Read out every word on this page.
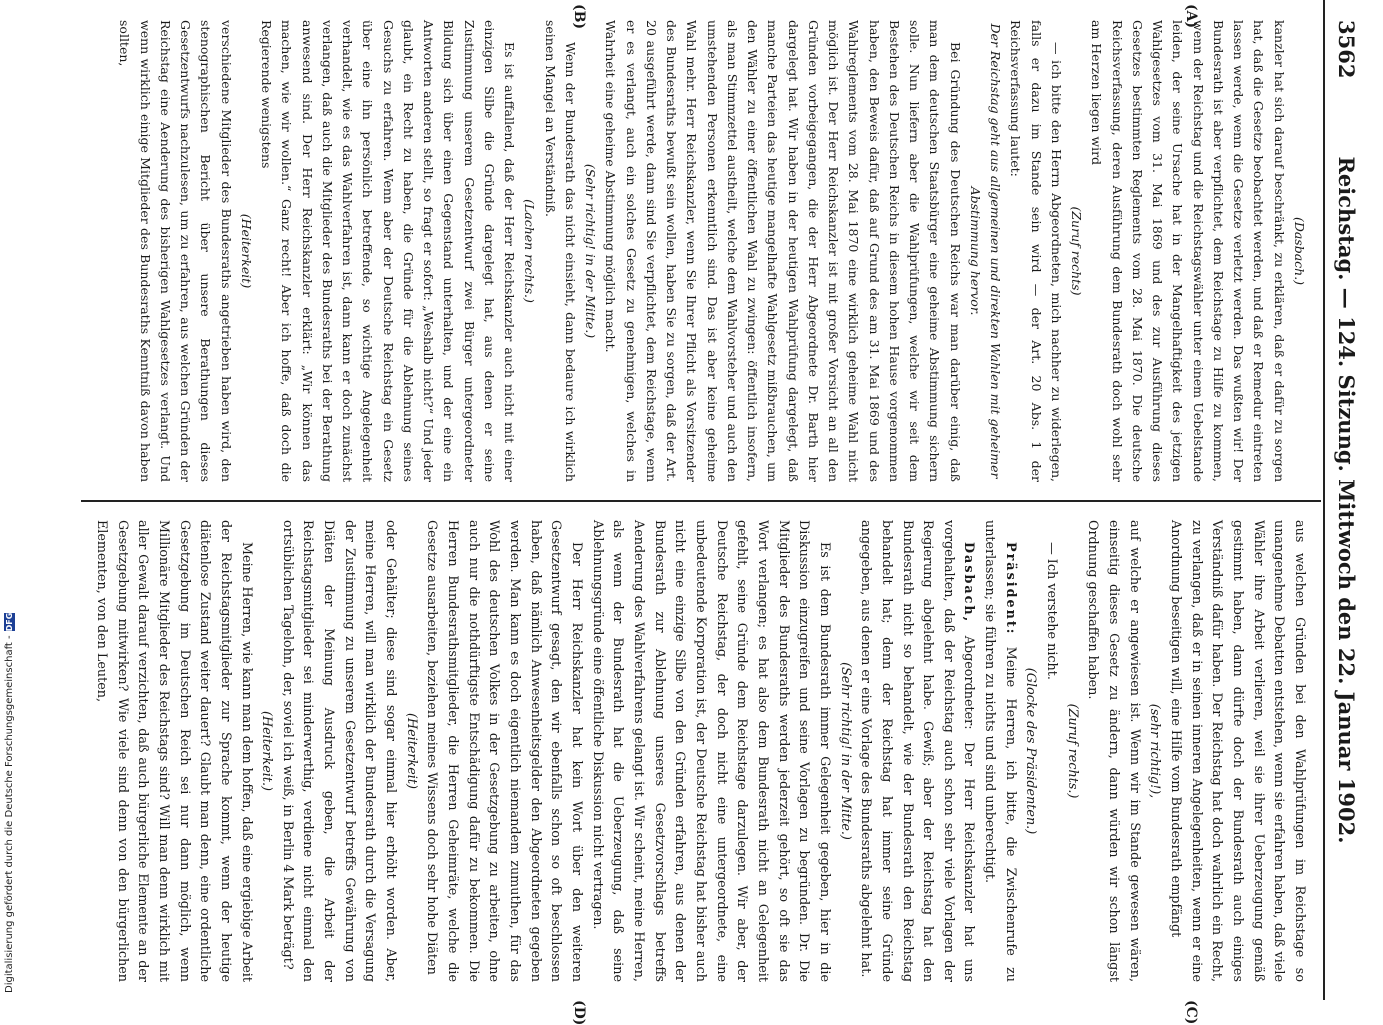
3562
Reichstag. — 124. Sitzung. Mittwoch den 22. Januar 1902.
(A)
(B)

(Dasbach.)

kanzler hat sich darauf beschränkt, zu erklären, daß er dafür zu sorgen hat, daß die Gesetze beobachtet werden, und daß er Remedur eintreten lassen werde, wenn die Gesetze verletzt werden. Das wußten wir! Der Bundesrath ist aber verpflichtet, dem Reichstage zu Hilfe zu kommen, wenn der Reichstag und die Reichstagswähler unter einem Uebelstande leiden, der seine Ursache hat in der Mangelhaftigkeit des jetzigen Wahlgesetzes vom 31. Mai 1869 und des zur Ausführung dieses Gesetzes bestimmten Reglements vom 28. Mai 1870. Die deutsche Reichsverfassung, deren Ausführung dem Bundesrath doch wohl sehr am Herzen liegen wird

(Zuruf rechts)

— ich bitte den Herrn Abgeordneten, mich nachher zu widerlegen, falls er dazu im Stande sein wird — der Art. 20 Abs. 1 der Reichsverfassung lautet:

Der Reichstag geht aus allgemeinen und direkten Wahlen mit geheimer Abstimmung hervor.

Bei Gründung des Deutschen Reichs war man darüber einig, daß man dem deutschen Staatsbürger eine geheime Abstimmung sichern solle. Nun liefern aber die Wahlprüfungen, welche wir seit dem Bestehen des Deutschen Reichs in diesem hohen Hause vorgenommen haben, den Beweis dafür, daß auf Grund des am 31. Mai 1869 und des Wahlreglements vom 28. Mai 1870 eine wirklich geheime Wahl nicht möglich ist. Der Herr Reichskanzler ist mit großer Vorsicht an all den Gründen vorbeigegangen, die der Herr Abgeordnete Dr. Barth hier dargelegt hat. Wir haben in der heutigen Wahlprüfung dargelegt, daß manche Parteien das heutige mangelhafte Wahlgesetz mißbrauchen, um den Wähler zu einer öffentlichen Wahl zu zwingen: öffentlich insofern, als man Stimmzettel austheilt, welche dem Wahlvorsteher und auch den umstehenden Personen erkenntlich sind. Das ist aber keine geheime Wahl mehr. Herr Reichskanzler, wenn Sie Ihrer Pflicht als Vorsitzender des Bundesraths bewußt sein wollen, haben Sie zu sorgen, daß der Art. 20 ausgeführt werde, dann sind Sie verpflichtet, dem Reichstage, wenn er es verlangt, auch ein solches Gesetz zu genehmigen, welches in Wahrheit eine geheime Abstimmung möglich macht.

(Sehr richtig! in der Mitte.)

Wenn der Bundesrath das nicht einsieht, dann bedaure ich wirklich seinen Mangel an Verständniß.

(Lachen rechts.)

Es ist auffallend, daß der Herr Reichskanzler auch nicht mit einer einzigen Silbe die Gründe dargelegt hat, aus denen er seine Zustimmung unserem Gesetzentwurf zwei Bürger untergeordneter Bildung sich über einen Gegenstand unterhalten, und der eine ein Antworten anderen stellt, so fragt er sofort: „Weshalb nicht?“ Und jeder glaubt, ein Recht zu haben, die Gründe für die Ablehnung seines Gesuchs zu erfahren. Wenn aber der Deutsche Reichstag ein Gesetz über eine ihn persönlich betreffende, so wichtige Angelegenheit verhandelt, wie es das Wahlverfahren ist, dann kann er doch zunächst verlangen, daß auch die Mitglieder des Bundesraths bei der Berathung anwesend sind. Der Herr Reichskanzler erklärt: „Wir können das machen, wie wir wollen.“ Ganz recht! Aber ich hoffe, daß doch die Regierende wenigstens

(Heiterkeit)

verschiedene Mitglieder des Bundesraths angetrieben haben wird, den stenographischen Bericht über unsere Berathungen dieses Gesetzentwurfs nachzulesen, um zu erfahren, aus welchen Gründen der Reichstag eine Aenderung des bisherigen Wahlgesetzes verlangt. Und wenn wirklich einige Mitglieder des Bundesraths Kenntniß davon haben sollten,

(C)
(D)

aus welchen Gründen bei den Wahlprüfungen im Reichstage so unangenehme Debatten entstehen, wenn sie erfahren haben, daß viele Wähler ihre Arbeit verlieren, weil sie ihrer Ueberzeugung gemäß gestimmt haben, dann dürfte doch der Bundesrath auch einiges Verständniß dafür haben. Der Reichstag hat doch wahrlich ein Recht, zu verlangen, daß er in seinen inneren Angelegenheiten, wenn er eine Anordnung beseitigen will, eine Hilfe vom Bundesrath empfängt

(sehr richtig!),

auf welche er angewiesen ist. Wenn wir im Stande gewesen wären, einseitig dieses Gesetz zu ändern, dann würden wir schon längst Ordnung geschaffen haben.

(Zuruf rechts.)

— Ich verstehe nicht.

(Glocke des Präsidenten.)

Präsident: Meine Herren, ich bitte, die Zwischenrufe zu unterlassen; sie führen zu nichts und sind unberechtigt.

Dasbach, Abgeordneter: Der Herr Reichskanzler hat uns vorgehalten, daß der Reichstag auch schon sehr viele Vorlagen der Regierung abgelehnt habe. Gewiß; aber der Reichstag hat den Bundesrath nicht so behandelt, wie der Bundesrath den Reichstag behandelt hat; denn der Reichstag hat immer seine Gründe angegeben, aus denen er eine Vorlage des Bundesraths abgelehnt hat.

(Sehr richtig! in der Mitte.)

Es ist dem Bundesrath immer Gelegenheit gegeben, hier in die Diskussion einzugreifen und seine Vorlagen zu begründen. Dr. Die Mitglieder des Bundesraths werden jederzeit gehört, so oft sie das Wort verlangen; es hat also dem Bundesrath nicht an Gelegenheit gefehlt, seine Gründe dem Reichstage darzulegen. Wir aber, der Deutsche Reichstag, der doch nicht eine untergeordnete, eine unbedeutende Korporation ist, der Deutsche Reichstag hat bisher auch nicht eine einzige Silbe von den Gründen erfahren, aus denen der Bundesrath zur Ablehnung unseres Gesetzvorschlags betreffs Aenderung des Wahlverfahrens gelangt ist. Wir scheint, meine Herren, als wenn der Bundesrath hat die Ueberzeugung, daß seine Ablehnungsgründe eine öffentliche Diskussion nicht vertragen.

Der Herr Reichskanzler hat kein Wort über den weiteren Gesetzentwurf gesagt, den wir ebenfalls schon so oft beschlossen haben, daß nämlich Anwesenheitsgelder den Abgeordneten gegeben werden. Man kann es doch eigentlich niemandem zumuthen, für das Wohl des deutschen Volkes in der Gesetzgebung zu arbeiten, ohne auch nur die nothdürftigste Entschädigung dafür zu bekommen. Die Herren Bundesrathsmitglieder, die Herren Geheimräte, welche die Gesetze ausarbeiten, beziehen meines Wissens doch sehr hohe Diäten

(Heiterkeit)

oder Gehälter; diese sind sogar einmal hier erhöht worden. Aber, meine Herren, will man wirklich der Bundesrath durch die Versagung der Zustimmung zu unserem Gesetzentwurf betreffs Gewährung von Diäten der Meinung Ausdruck geben, die Arbeit der Reichstagsmitglieder sei minderwerthig, verdiene nicht einmal den ortsüblichen Tagelohn, der, soviel ich weiß, in Berlin 4 Mark beträgt?

(Heiterkeit.)

Meine Herren, wie kann man dem hoffen, daß eine ergiebige Arbeit der Reichstagsmitglieder zur Sprache kommt, wenn der heutige diätenlose Zustand weiter dauert? Glaubt man denn, eine ordentliche Gesetzgebung im Deutschen Reich sei nur dann möglich, wenn Millionäre Mitglieder des Reichstags sind? Will man denn wirklich mit aller Gewalt darauf verzichten, daß auch bürgerliche Elemente an der Gesetzgebung mitwirken? Wie viele sind denn von den bürgerlichen Elementen, von den Leuten,

Digitalisierung gefördert durch die Deutsche Forschungsgemeinschaft -
DFG
